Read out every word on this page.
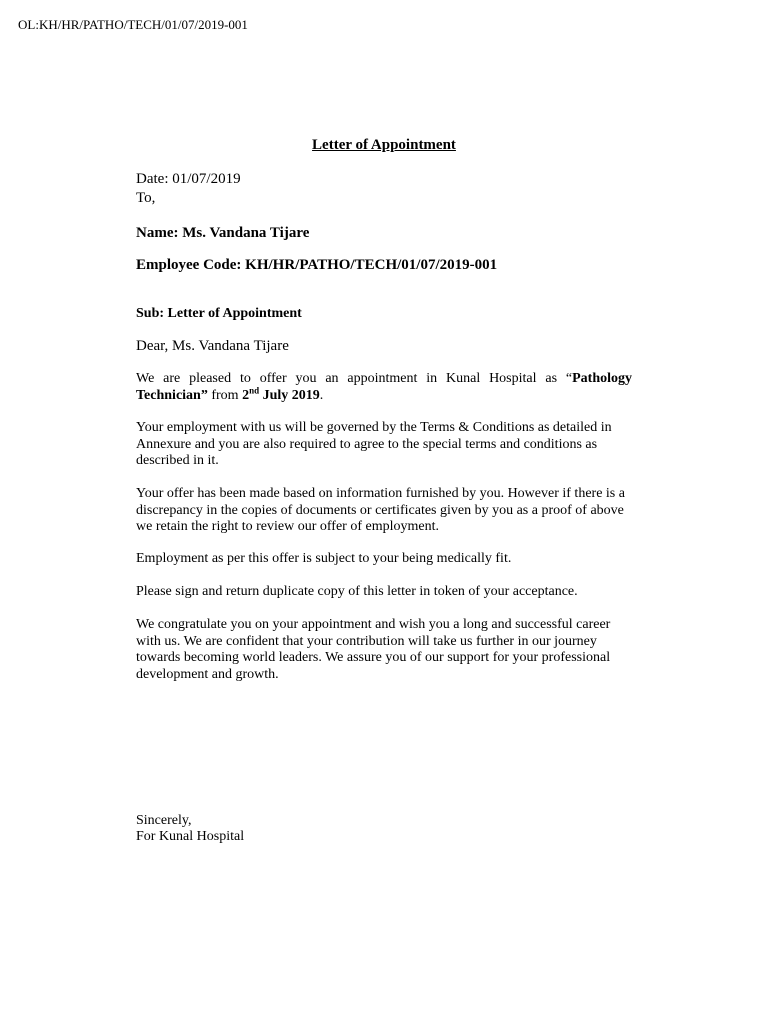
OL:KH/HR/PATHO/TECH/01/07/2019-001
Letter of Appointment

Date: 01/07/2019

To,

Name: Ms. Vandana Tijare

Employee Code: KH/HR/PATHO/TECH/01/07/2019-001

Sub: Letter of Appointment

Dear, Ms. Vandana Tijare

We are pleased to offer you an appointment in Kunal Hospital as “Pathology Technician” from 2nd July 2019.

Your employment with us will be governed by the Terms & Conditions as detailed in Annexure and you are also required to agree to the special terms and conditions as described in it.

Your offer has been made based on information furnished by you. However if there is a discrepancy in the copies of documents or certificates given by you as a proof of above we retain the right to review our offer of employment.

Employment as per this offer is subject to your being medically fit.

Please sign and return duplicate copy of this letter in token of your acceptance.

We congratulate you on your appointment and wish you a long and successful career with us. We are confident that your contribution will take us further in our journey towards becoming world leaders. We assure you of our support for your professional development and growth.

Sincerely,

For Kunal Hospital
